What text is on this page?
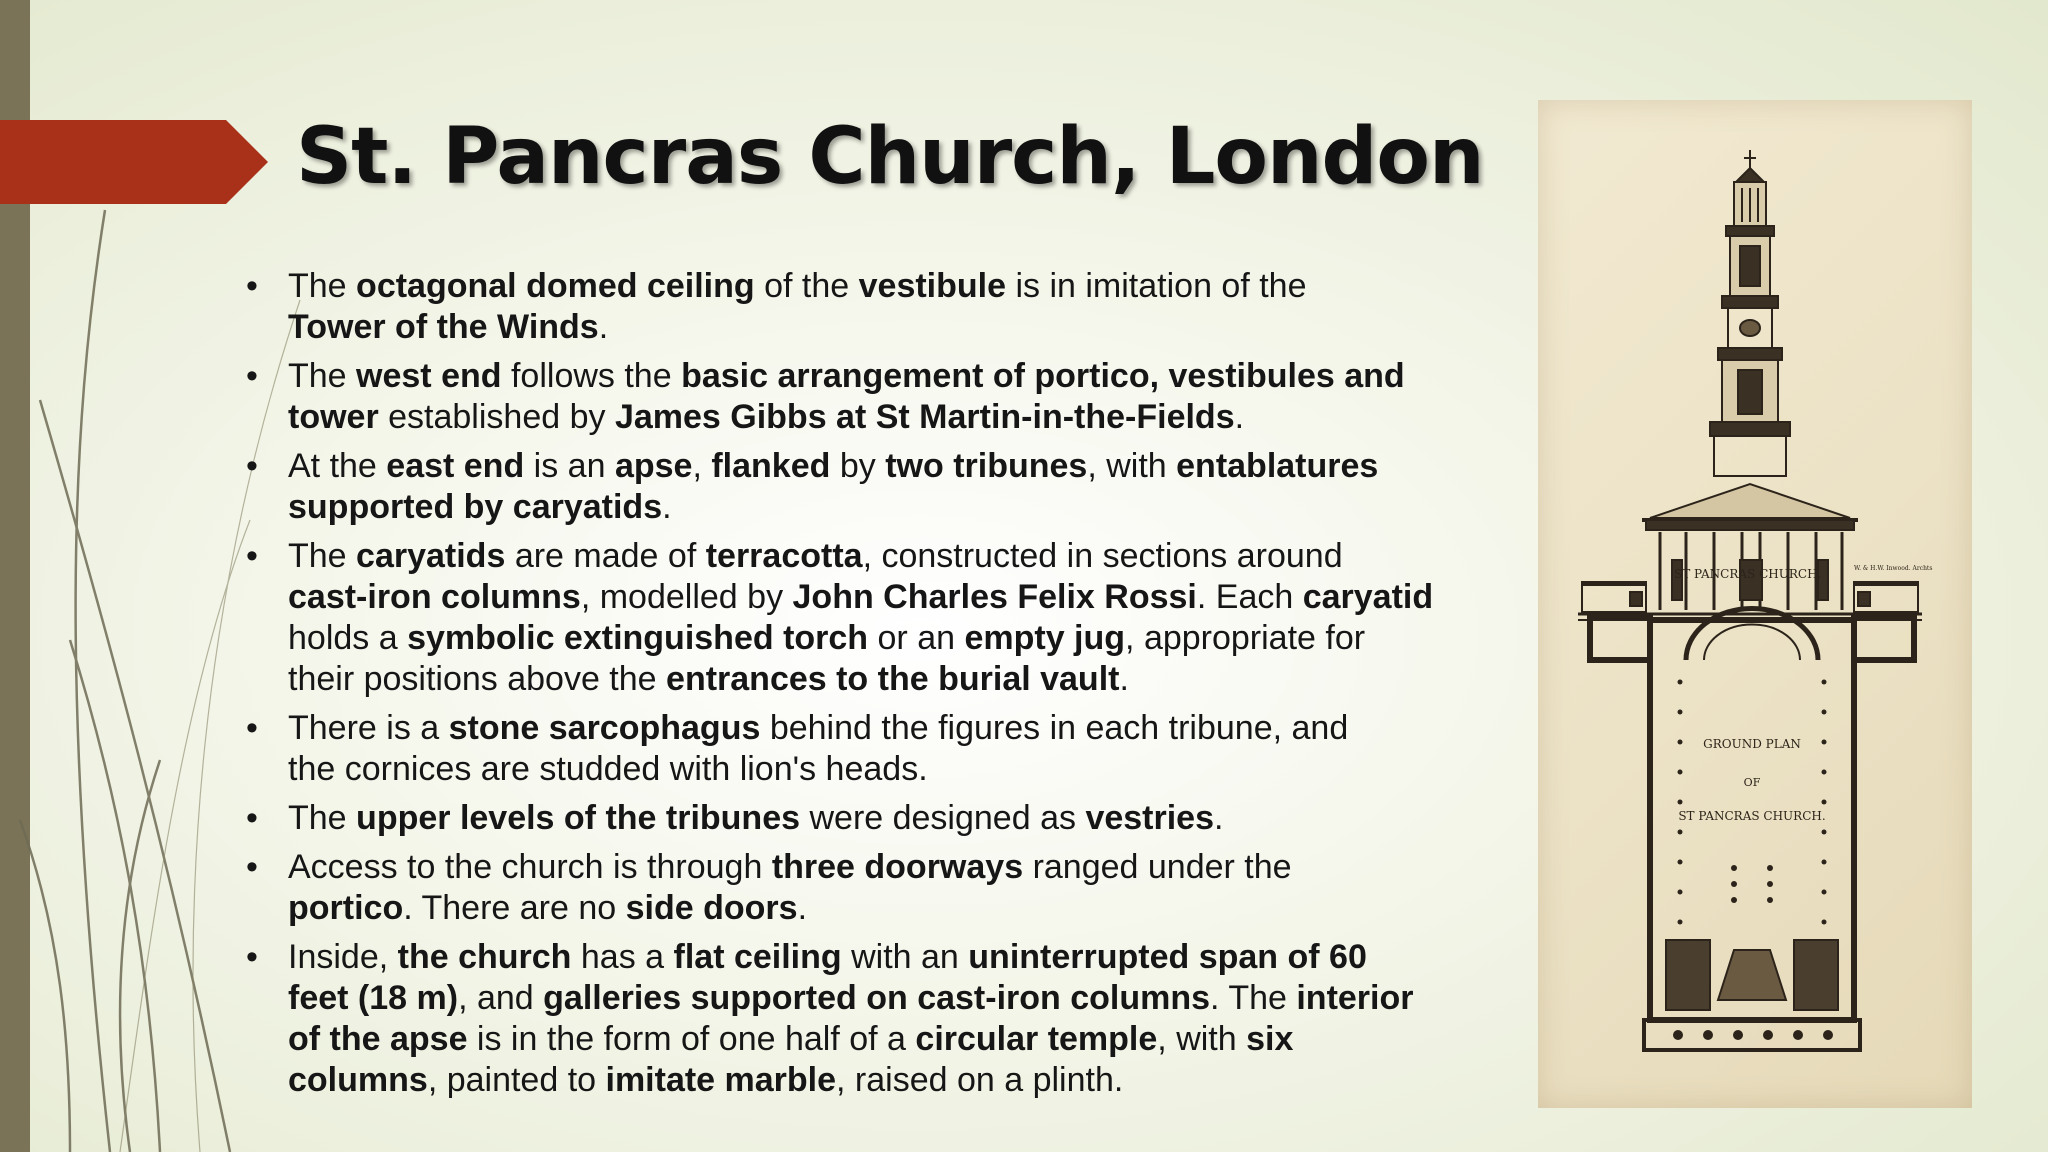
St. Pancras Church, London
• The octagonal domed ceiling of the vestibule is in imitation of the
Tower of the Winds.
• The west end follows the basic arrangement of portico, vestibules and
tower established by James Gibbs at St Martin-in-the-Fields.
• At the east end is an apse, flanked by two tribunes, with entablatures
supported by caryatids.
• The caryatids are made of terracotta, constructed in sections around
cast-iron columns, modelled by John Charles Felix Rossi. Each caryatid
holds a symbolic extinguished torch or an empty jug, appropriate for
their positions above the entrances to the burial vault.
• There is a stone sarcophagus behind the figures in each tribune, and
the cornices are studded with lion's heads.
• The upper levels of the tribunes were designed as vestries.
• Access to the church is through three doorways ranged under the
portico. There are no side doors.
• Inside, the church has a flat ceiling with an uninterrupted span of 60
feet (18 m), and galleries supported on cast-iron columns. The interior
of the apse is in the form of one half of a circular temple, with six
columns, painted to imitate marble, raised on a plinth.
ST PANCRAS CHURCH.	W. & H.W. Inwood. Archts
GROUND PLAN
OF
ST PANCRAS CHURCH.
